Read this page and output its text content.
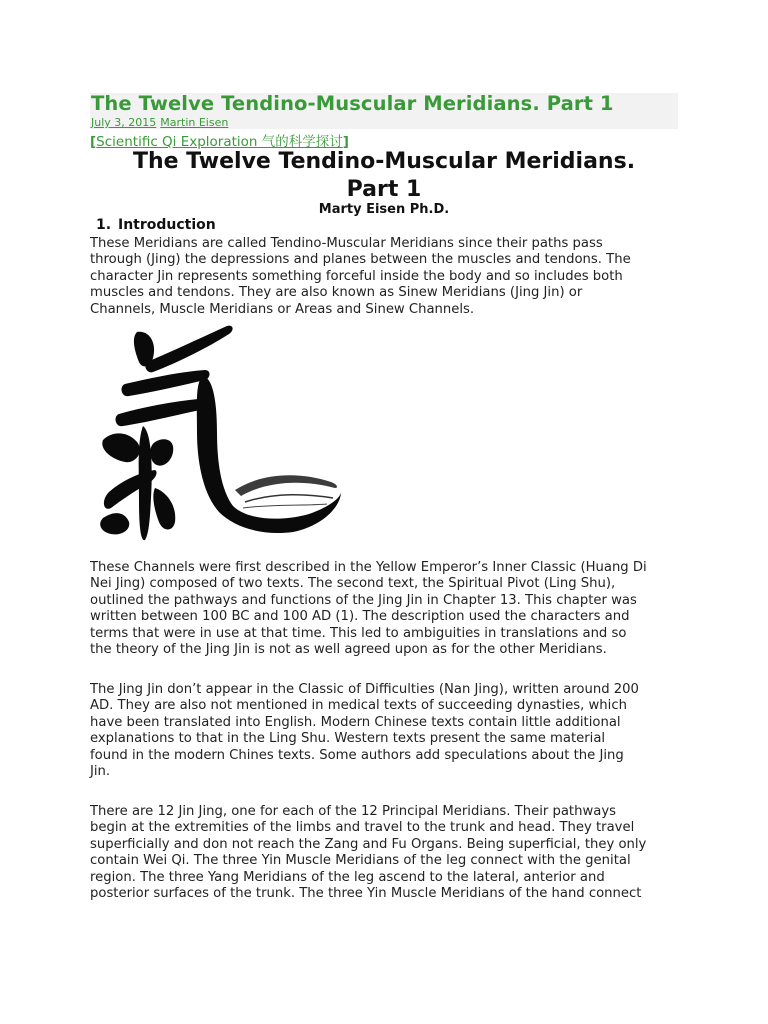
The Twelve Tendino-Muscular Meridians. Part 1
July 3, 2015 Martin Eisen
[Scientific Qi Exploration 气的科学探讨]
The Twelve Tendino-Muscular Meridians.
Part 1
Marty Eisen Ph.D.
1. Introduction

These Meridians are called Tendino-Muscular Meridians since their paths pass
through (Jing) the depressions and planes between the muscles and tendons. The
character Jin represents something forceful inside the body and so includes both
muscles and tendons. They are also known as Sinew Meridians (Jing Jin) or
Channels, Muscle Meridians or Areas and Sinew Channels.

These Channels were first described in the Yellow Emperor’s Inner Classic (Huang Di
Nei Jing) composed of two texts. The second text, the Spiritual Pivot (Ling Shu),
outlined the pathways and functions of the Jing Jin in Chapter 13. This chapter was
written between 100 BC and 100 AD (1). The description used the characters and
terms that were in use at that time. This led to ambiguities in translations and so
the theory of the Jing Jin is not as well agreed upon as for the other Meridians.

The Jing Jin don’t appear in the Classic of Difficulties (Nan Jing), written around 200
AD. They are also not mentioned in medical texts of succeeding dynasties, which
have been translated into English. Modern Chinese texts contain little additional
explanations to that in the Ling Shu. Western texts present the same material
found in the modern Chines texts. Some authors add speculations about the Jing
Jin.

There are 12 Jin Jing, one for each of the 12 Principal Meridians. Their pathways
begin at the extremities of the limbs and travel to the trunk and head. They travel
superficially and don not reach the Zang and Fu Organs. Being superficial, they only
contain Wei Qi. The three Yin Muscle Meridians of the leg connect with the genital
region. The three Yang Meridians of the leg ascend to the lateral, anterior and
posterior surfaces of the trunk. The three Yin Muscle Meridians of the hand connect
